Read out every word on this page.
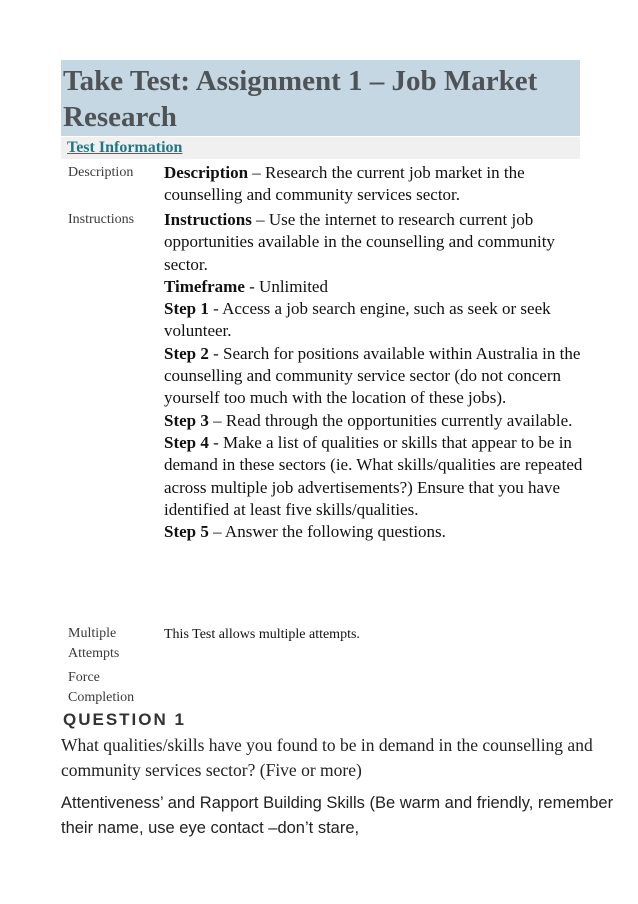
Take Test: Assignment 1 – Job Market Research
Test Information
Description Description – Research the current job market in the counselling and community services sector.

Instructions Instructions – Use the internet to research current job opportunities available in the counselling and community sector.

Timeframe - Unlimited

Step 1 - Access a job search engine, such as seek or seek volunteer.

Step 2 - Search for positions available within Australia in the counselling and community service sector (do not concern yourself too much with the location of these jobs).

Step 3 – Read through the opportunities currently available.

Step 4 - Make a list of qualities or skills that appear to be in demand in these sectors (ie. What skills/qualities are repeated across multiple job advertisements?) Ensure that you have identified at least five skills/qualities.

Step 5 – Answer the following questions.

Multiple Attempts
This Test allows multiple attempts.
Force Completion
QUESTION 1

What qualities/skills have you found to be in demand in the counselling and community services sector? (Five or more)

Attentiveness’ and Rapport Building Skills (Be warm and friendly, remember their name, use eye contact –don’t stare,
